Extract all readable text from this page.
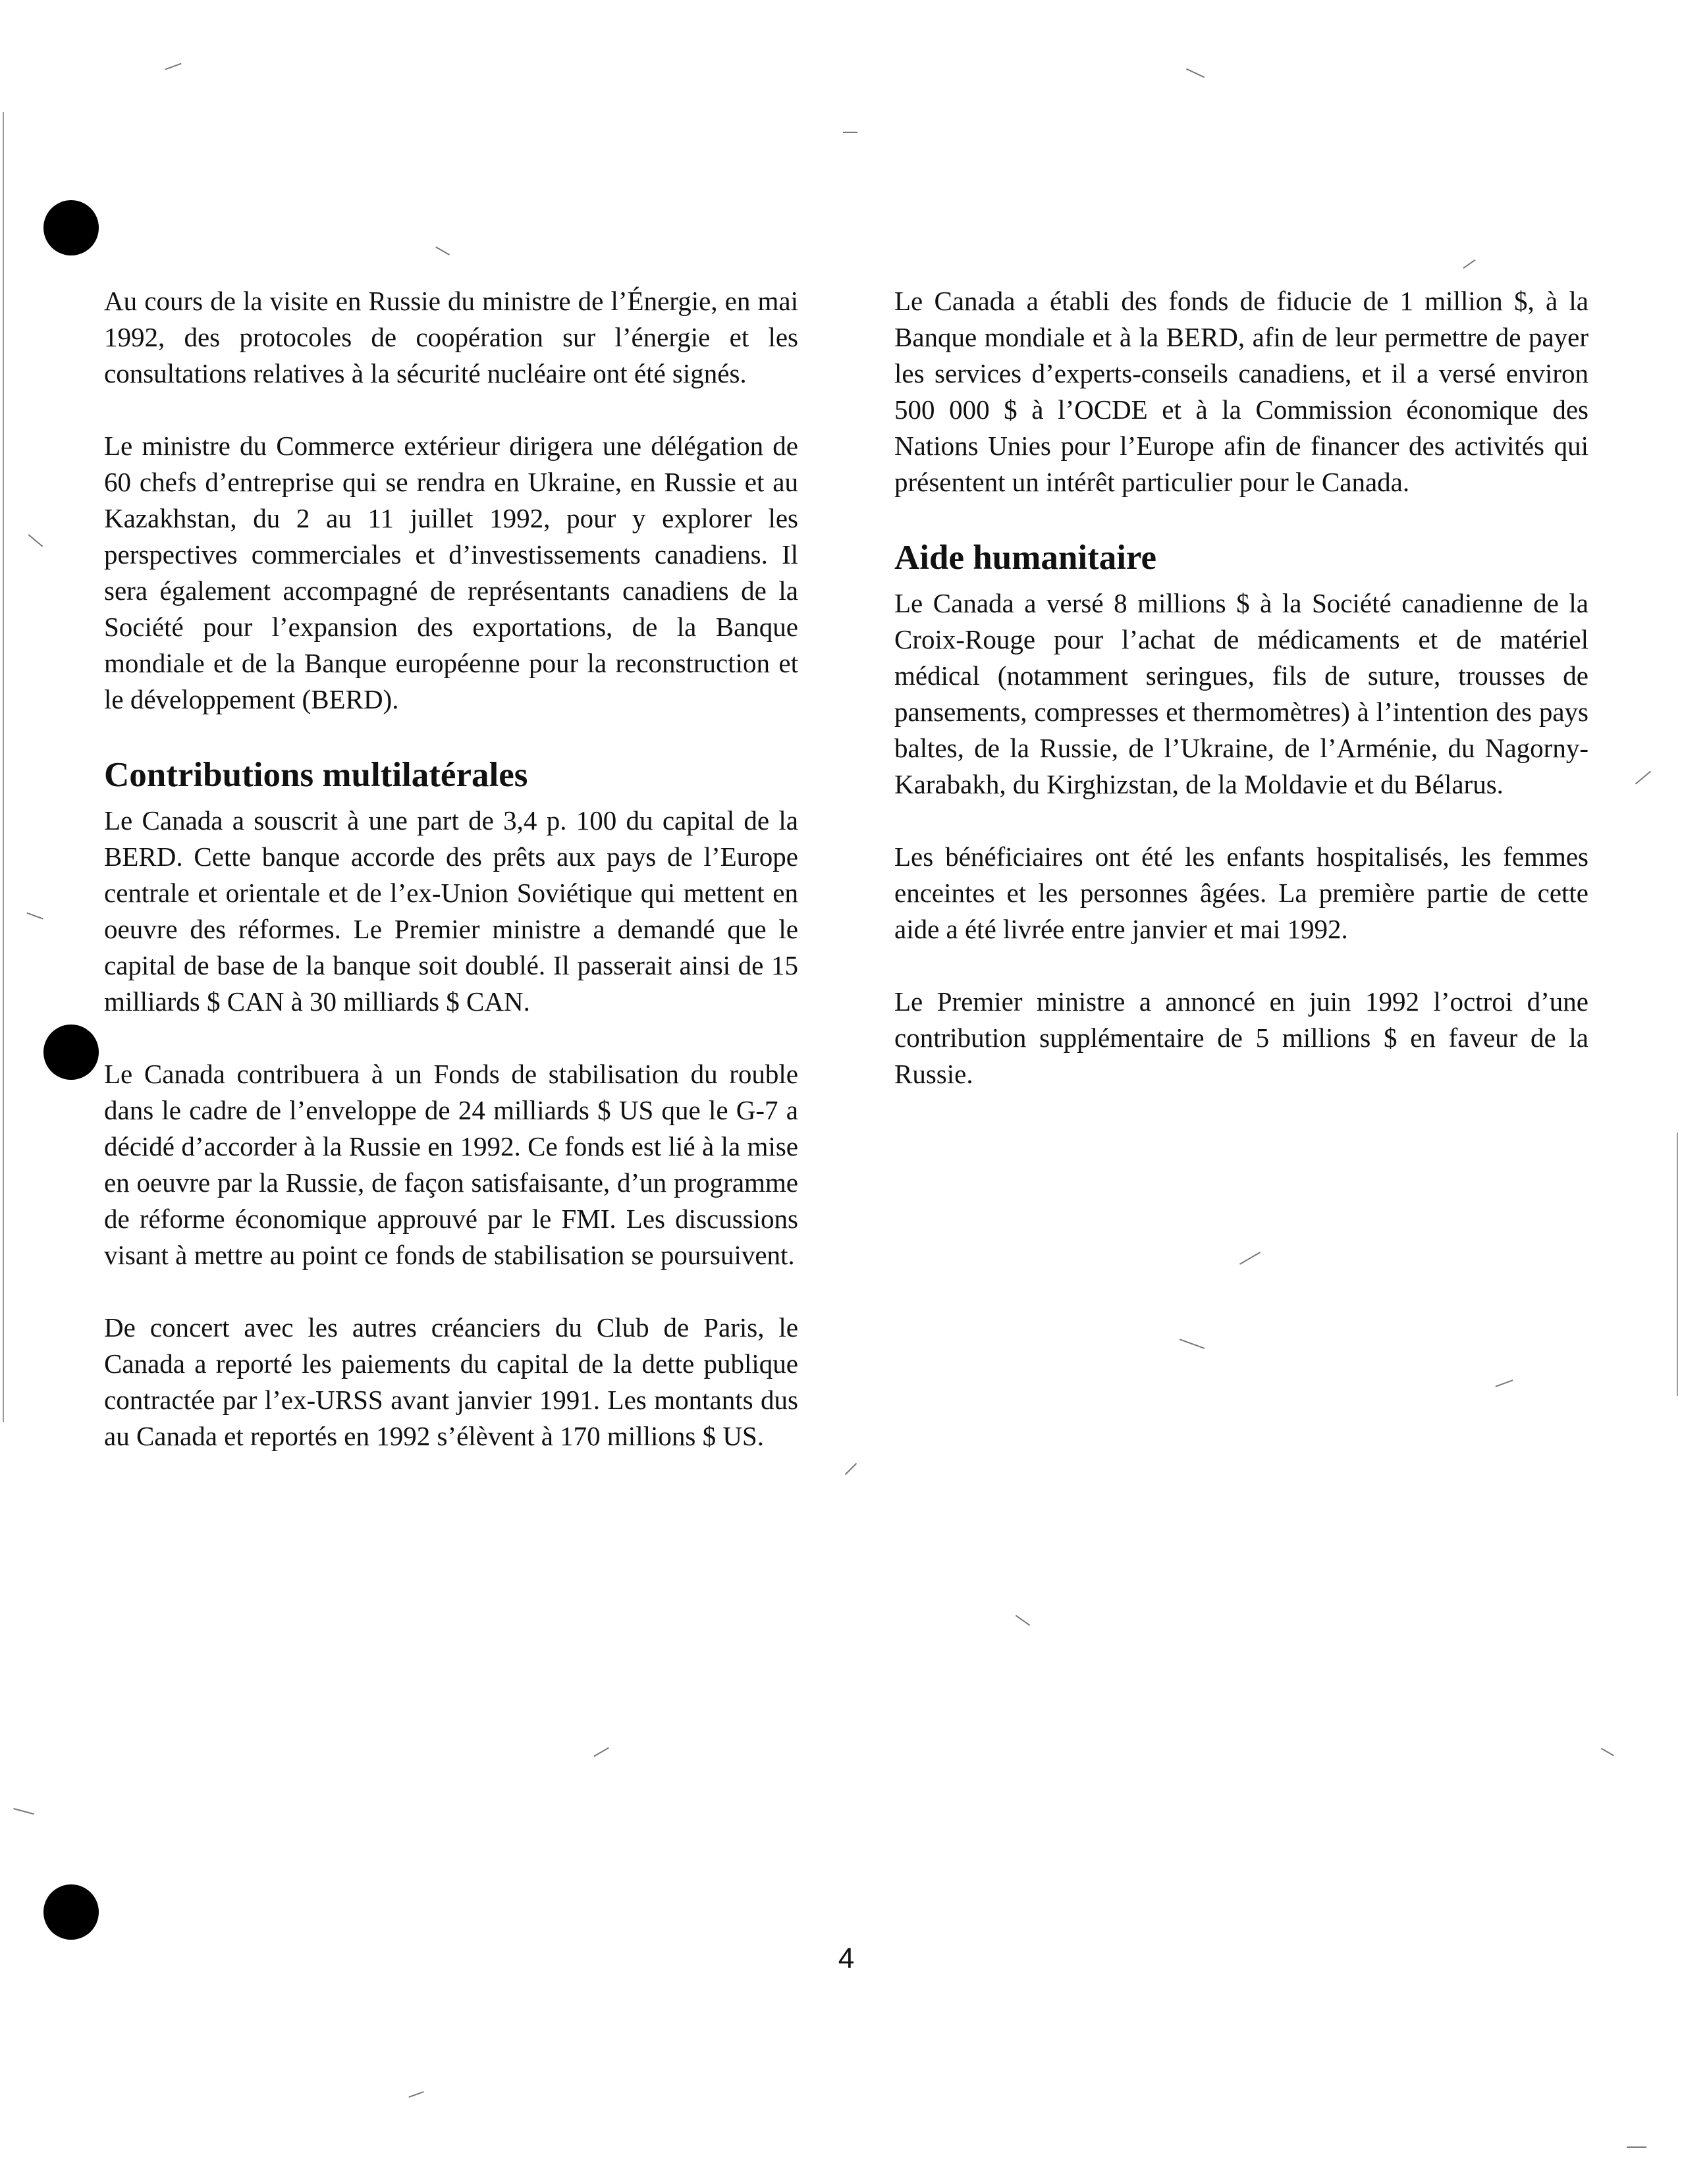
Au cours de la visite en Russie du ministre de l’Énergie, en mai 1992, des protocoles de coopération sur l’énergie et les consultations relatives à la sécurité nucléaire ont été signés.

Le ministre du Commerce extérieur dirigera une délégation de 60 chefs d’entreprise qui se rendra en Ukraine, en Russie et au Kazakhstan, du 2 au 11 juillet 1992, pour y explorer les perspectives commerciales et d’investissements canadiens. Il sera également accompagné de représentants canadiens de la Société pour l’expansion des exportations, de la Banque mondiale et de la Banque européenne pour la reconstruction et le développement (BERD).

Contributions multilatérales

Le Canada a souscrit à une part de 3,4 p. 100 du capital de la BERD. Cette banque accorde des prêts aux pays de l’Europe centrale et orientale et de l’ex-Union Soviétique qui mettent en oeuvre des réformes. Le Premier ministre a demandé que le capital de base de la banque soit doublé. Il passerait ainsi de 15 milliards $ CAN à 30 milliards $ CAN.

Le Canada contribuera à un Fonds de stabilisation du rouble dans le cadre de l’enveloppe de 24 milliards $ US que le G-7 a décidé d’accorder à la Russie en 1992. Ce fonds est lié à la mise en oeuvre par la Russie, de façon satisfaisante, d’un programme de réforme économique approuvé par le FMI. Les discussions visant à mettre au point ce fonds de stabilisation se poursuivent.

De concert avec les autres créanciers du Club de Paris, le Canada a reporté les paiements du capital de la dette publique contractée par l’ex-URSS avant janvier 1991. Les montants dus au Canada et reportés en 1992 s’élèvent à 170 millions $ US.

Le Canada a établi des fonds de fiducie de 1 million $, à la Banque mondiale et à la BERD, afin de leur permettre de payer les services d’experts-conseils canadiens, et il a versé environ 500 000 $ à l’OCDE et à la Commission économique des Nations Unies pour l’Europe afin de financer des activités qui présentent un intérêt particulier pour le Canada.

Aide humanitaire

Le Canada a versé 8 millions $ à la Société canadienne de la Croix-Rouge pour l’achat de médicaments et de matériel médical (notamment seringues, fils de suture, trousses de pansements, compresses et thermomètres) à l’intention des pays baltes, de la Russie, de l’Ukraine, de l’Arménie, du Nagorny-Karabakh, du Kirghizstan, de la Moldavie et du Bélarus.

Les bénéficiaires ont été les enfants hospitalisés, les femmes enceintes et les personnes âgées. La première partie de cette aide a été livrée entre janvier et mai 1992.

Le Premier ministre a annoncé en juin 1992 l’octroi d’une contribution supplémentaire de 5 millions $ en faveur de la Russie.

4
